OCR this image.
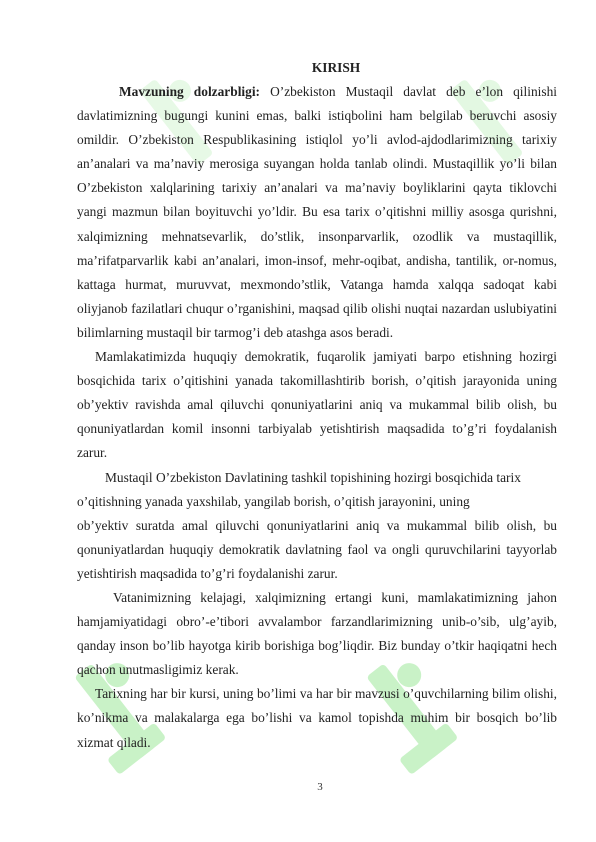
KIRISH

Mavzuning dolzarbligi: O’zbekiston Mustaqil davlat deb e’lon qilinishi davlatimizning bugungi kunini emas, balki istiqbolini ham belgilab beruvchi asosiy omildir. O’zbekiston Respublikasining istiqlol yo’li avlod-ajdodlarimizning tarixiy an’analari va ma’naviy merosiga suyangan holda tanlab olindi. Mustaqillik yo’li bilan O’zbekiston xalqlarining tarixiy an’analari va ma’naviy boyliklarini qayta tiklovchi yangi mazmun bilan boyituvchi yo’ldir. Bu esa tarix o’qitishni milliy asosga qurishni, xalqimizning mehnatsevarlik, do’stlik, insonparvarlik, ozodlik va mustaqillik, ma’rifatparvarlik kabi an’analari, imon-insof, mehr-oqibat, andisha, tantilik, or-nomus, kattaga hurmat, muruvvat, mexmondo’stlik, Vatanga hamda xalqqa sadoqat kabi oliyjanob fazilatlari chuqur o’rganishini, maqsad qilib olishi nuqtai nazardan uslubiyatini bilimlarning mustaqil bir tarmog’i deb atashga asos beradi.

Mamlakatimizda huquqiy demokratik, fuqarolik jamiyati barpo etishning hozirgi bosqichida tarix o’qitishini yanada takomillashtirib borish, o’qitish jarayonida uning ob’yektiv ravishda amal qiluvchi qonuniyatlarini aniq va mukammal bilib olish, bu qonuniyatlardan komil insonni tarbiyalab yetishtirish maqsadida to’g’ri foydalanish zarur.

Mustaqil O’zbekiston Davlatining tashkil topishining hozirgi bosqichida tarix o’qitishning yanada yaxshilab, yangilab borish, o’qitish jarayonini, uning
ob’yektiv suratda amal qiluvchi qonuniyatlarini aniq va mukammal bilib olish, bu qonuniyatlardan huquqiy demokratik davlatning faol va ongli quruvchilarini tayyorlab yetishtirish maqsadida to’g’ri foydalanishi zarur.

Vatanimizning kelajagi, xalqimizning ertangi kuni, mamlakatimizning jahon hamjamiyatidagi obro’-e’tibori avvalambor farzandlarimizning unib-o’sib, ulg’ayib, qanday inson bo’lib hayotga kirib borishiga bog’liqdir. Biz bunday o’tkir haqiqatni hech qachon unutmasligimiz kerak.

Tarixning har bir kursi, uning bo’limi va har bir mavzusi o’quvchilarning bilim olishi, ko’nikma va malakalarga ega bo’lishi va kamol topishda muhim bir bosqich bo’lib xizmat qiladi.

3
